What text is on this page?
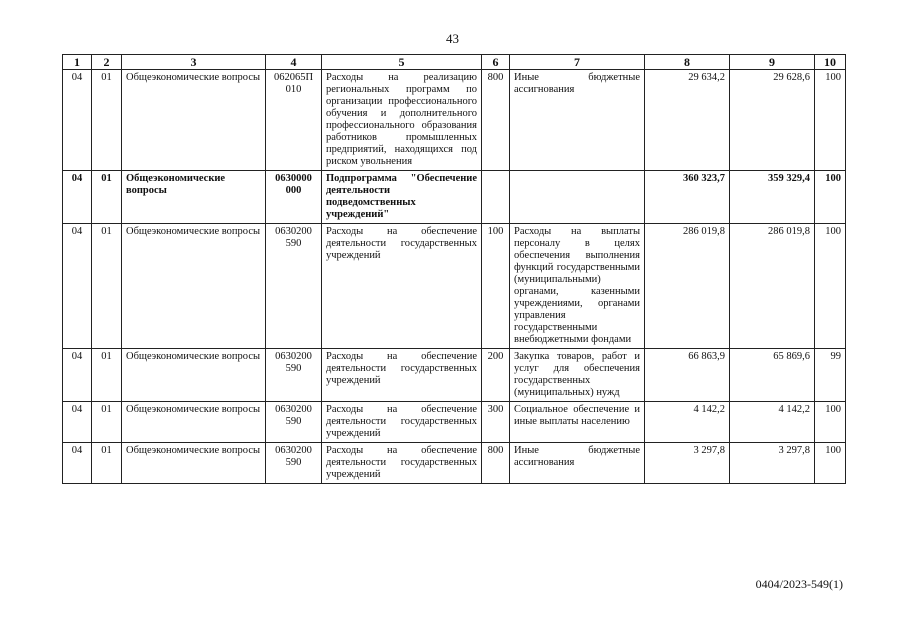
43
1	2	3	4	5	6	7	8	9	10
04	01	Общеэкономические вопросы	062065П 010	Расходы на реализацию региональных программ по организации профессионального обучения и дополнительного профессионального образования работников промышленных предприятий, находящихся под риском увольнения	800	Иные бюджетные ассигнования	29 634,2	29 628,6	100
04	01	Общеэкономические вопросы	0630000 000	Подпрограмма "Обеспечение деятельности подведомственных учреждений"			360 323,7	359 329,4	100
04	01	Общеэкономические вопросы	0630200 590	Расходы на обеспечение деятельности государственных учреждений	100	Расходы на выплаты персоналу в целях обеспечения выполнения функций государственными (муниципальными) органами, казенными учреждениями, органами управления государственными внебюджетными фондами	286 019,8	286 019,8	100
04	01	Общеэкономические вопросы	0630200 590	Расходы на обеспечение деятельности государственных учреждений	200	Закупка товаров, работ и услуг для обеспечения государственных (муниципальных) нужд	66 863,9	65 869,6	99
04	01	Общеэкономические вопросы	0630200 590	Расходы на обеспечение деятельности государственных учреждений	300	Социальное обеспечение и иные выплаты населению	4 142,2	4 142,2	100
04	01	Общеэкономические вопросы	0630200 590	Расходы на обеспечение деятельности государственных учреждений	800	Иные бюджетные ассигнования	3 297,8	3 297,8	100
0404/2023-549(1)
